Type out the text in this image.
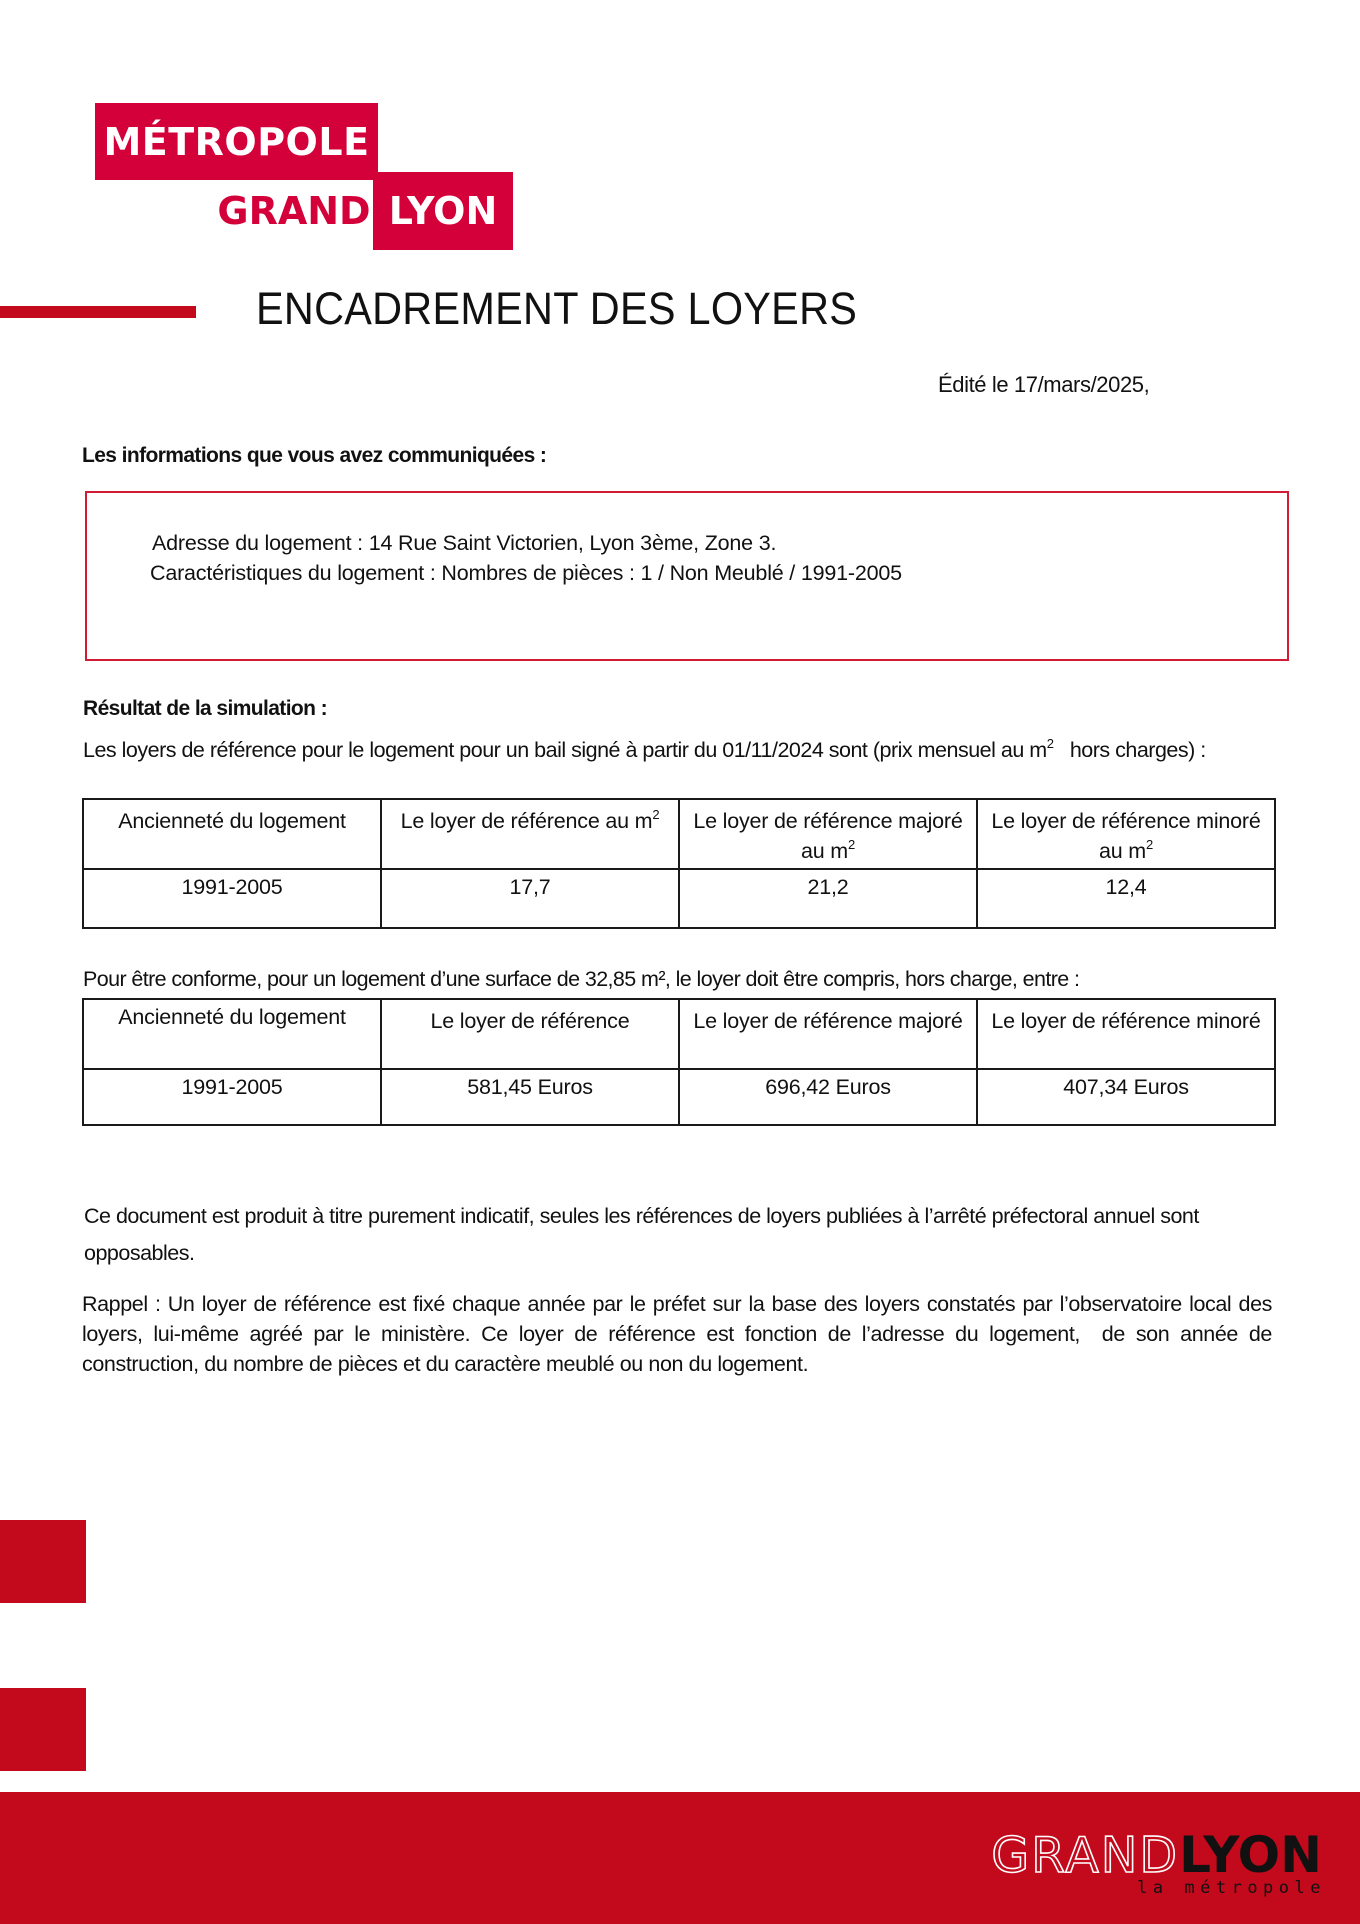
MÉTROPOLE
GRAND LYON
ENCADREMENT DES LOYERS
Édité le 17/mars/2025,
Les informations que vous avez communiquées :
Adresse du logement : 14 Rue Saint Victorien, Lyon 3ème, Zone 3.
Caractéristiques du logement : Nombres de pièces : 1 / Non Meublé / 1991-2005
Résultat de la simulation :
Les loyers de référence pour le logement pour un bail signé à partir du 01/11/2024 sont (prix mensuel au $m^2$   hors charges) :
Ancienneté du logement	Le loyer de référence au $m^2$	Le loyer de référence majoré au $m^2$	Le loyer de référence minoré  au $m^2$
1991-2005	17,7	21,2	12,4
Pour être conforme, pour un logement d’une surface de 32,85 m², le loyer doit être compris, hors charge, entre :
Ancienneté du logement	Le loyer de référence	Le loyer de référence majoré	Le loyer de référence minoré
1991-2005	581,45 Euros	696,42 Euros	407,34 Euros

Ce document est produit à titre purement indicatif, seules les références de loyers publiées à l’arrêté préfectoral annuel sont opposables.

Rappel : Un loyer de référence est fixé chaque année par le préfet sur la base des loyers constatés par l’observatoire local des loyers, lui-même agréé par le ministère. Ce loyer de référence est fonction de l’adresse du logement,  de son année de construction, du nombre de pièces et du caractère meublé ou non du logement.

GRANDLYON
la métropole
